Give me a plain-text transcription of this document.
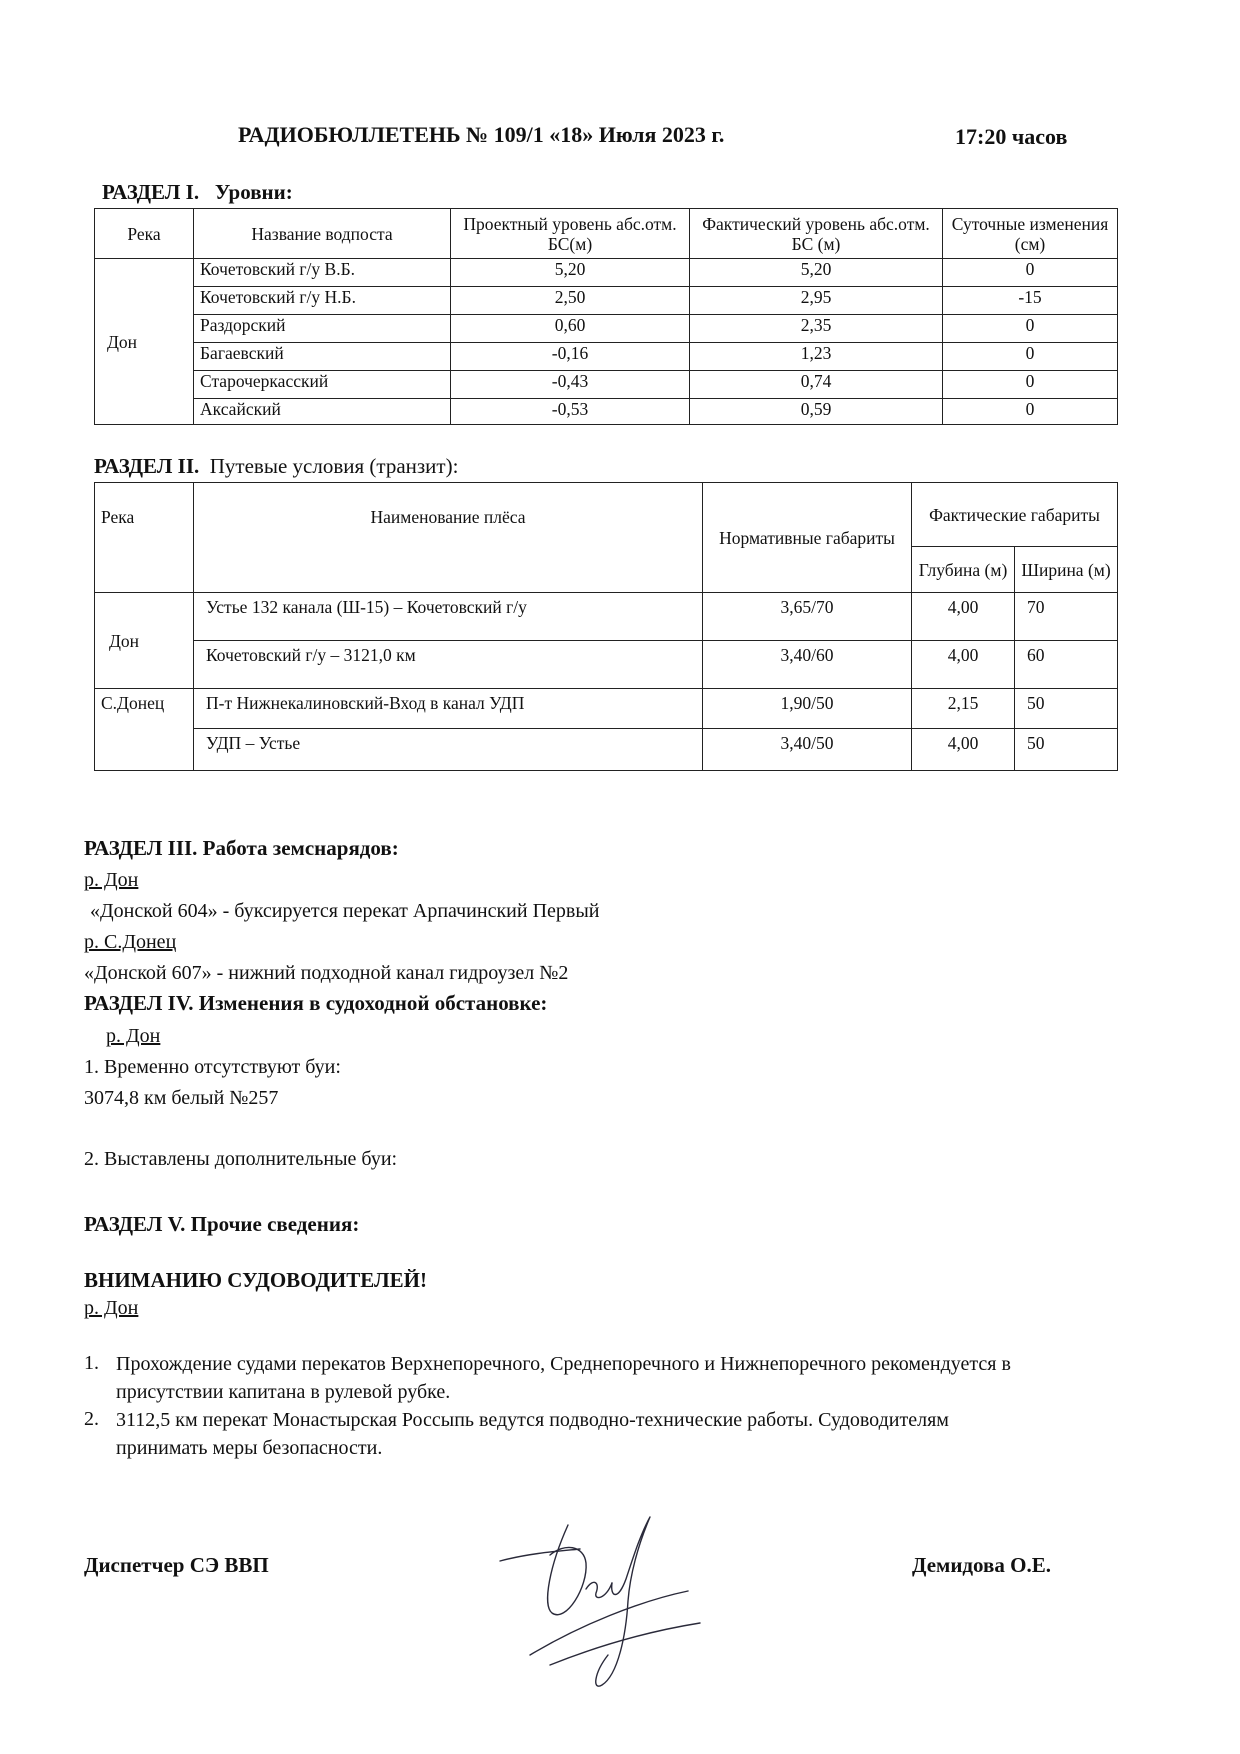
РАДИОБЮЛЛЕТЕНЬ № 109/1 «18» Июля 2023 г.	17:20 часов
РАЗДЕЛ I. Уровни:
Река	Название водпоста	Проектный уровень абс.отм. БС(м)	Фактический уровень абс.отм. БС (м)	Суточные изменения (см)
Дон	Кочетовский г/у В.Б.	5,20	5,20	0
	Кочетовский г/у Н.Б.	2,50	2,95	-15
	Раздорский	0,60	2,35	0
	Багаевский	-0,16	1,23	0
	Старочеркасский	-0,43	0,74	0
	Аксайский	-0,53	0,59	0
РАЗДЕЛ II. Путевые условия (транзит):
Река	Наименование плёса	Нормативные габариты	Фактические габариты	
			Глубина (м)	Ширина (м)
Дон	Устье 132 канала (Ш-15) – Кочетовский г/у	3,65/70	4,00	70
	Кочетовский г/у – 3121,0 км	3,40/60	4,00	60
С.Донец	П-т Нижнекалиновский-Вход в канал УДП	1,90/50	2,15	50
	УДП – Устье	3,40/50	4,00	50
РАЗДЕЛ III. Работа земснарядов:
р. Дон
«Донской 604» - буксируется перекат Арпачинский Первый
р. С.Донец
«Донской 607» - нижний подходной канал гидроузел №2
РАЗДЕЛ IV. Изменения в судоходной обстановке:
р. Дон
1. Временно отсутствуют буи:
3074,8 км белый №257
2. Выставлены дополнительные буи:
РАЗДЕЛ V. Прочие сведения:
ВНИМАНИЮ СУДОВОДИТЕЛЕЙ!
р. Дон
1. Прохождение судами перекатов Верхнепоречного, Среднепоречного и Нижнепоречного рекомендуется в присутствии капитана в рулевой рубке.
2. 3112,5 км перекат Монастырская Россыпь ведутся подводно-технические работы. Судоводителям принимать меры безопасности.
Диспетчер СЭ ВВП	Демидова О.Е.
